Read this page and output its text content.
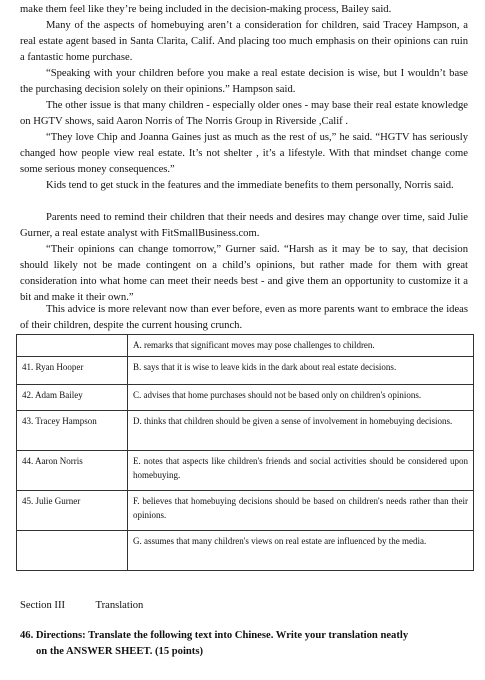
make them feel like they’re being included in the decision-making process, Bailey said.
Many of the aspects of homebuying aren’t a consideration for children, said Tracey Hampson, a real estate agent based in Santa Clarita, Calif. And placing too much emphasis on their opinions can ruin a fantastic home purchase.
“Speaking with your children before you make a real estate decision is wise, but I wouldn’t base the purchasing decision solely on their opinions.” Hampson said.
The other issue is that many children - especially older ones - may base their real estate knowledge on HGTV shows, said Aaron Norris of The Norris Group in Riverside ,Calif .
“They love Chip and Joanna Gaines just as much as the rest of us,” he said. “HGTV has seriously changed how people view real estate. It’s not shelter , it’s a lifestyle. With that mindset change come some serious money consequences.”
Kids tend to get stuck in the features and the immediate benefits to them personally, Norris said.
Parents need to remind their children that their needs and desires may change over time, said Julie Gurner, a real estate analyst with FitSmallBusiness.com.
“Their opinions can change tomorrow,” Gurner said. “Harsh as it may be to say, that decision should likely not be made contingent on a child’s opinions, but rather made for them with great consideration into what home can meet their needs best - and give them an opportunity to customize it a bit and make it their own.”
This advice is more relevant now than ever before, even as more parents want to embrace the ideas of their children, despite the current housing crunch.
	A. remarks that significant moves may pose challenges to children.
41. Ryan Hooper	B. says that it is wise to leave kids in the dark about real estate decisions.
42. Adam Bailey	C. advises that home purchases should not be based only on children's opinions.
43. Tracey Hampson	D. thinks that children should be given a sense of involvement in homebuying decisions.
44. Aaron Norris	E. notes that aspects like children's friends and social activities should be considered upon homebuying.
45. Julie Gurner	F. believes that homebuying decisions should be based on children's needs rather than their opinions.
	G. assumes that many children's views on real estate are influenced by the media.
Section III	Translation
46. Directions: Translate the following text into Chinese. Write your translation neatly
on the ANSWER SHEET. (15 points)
